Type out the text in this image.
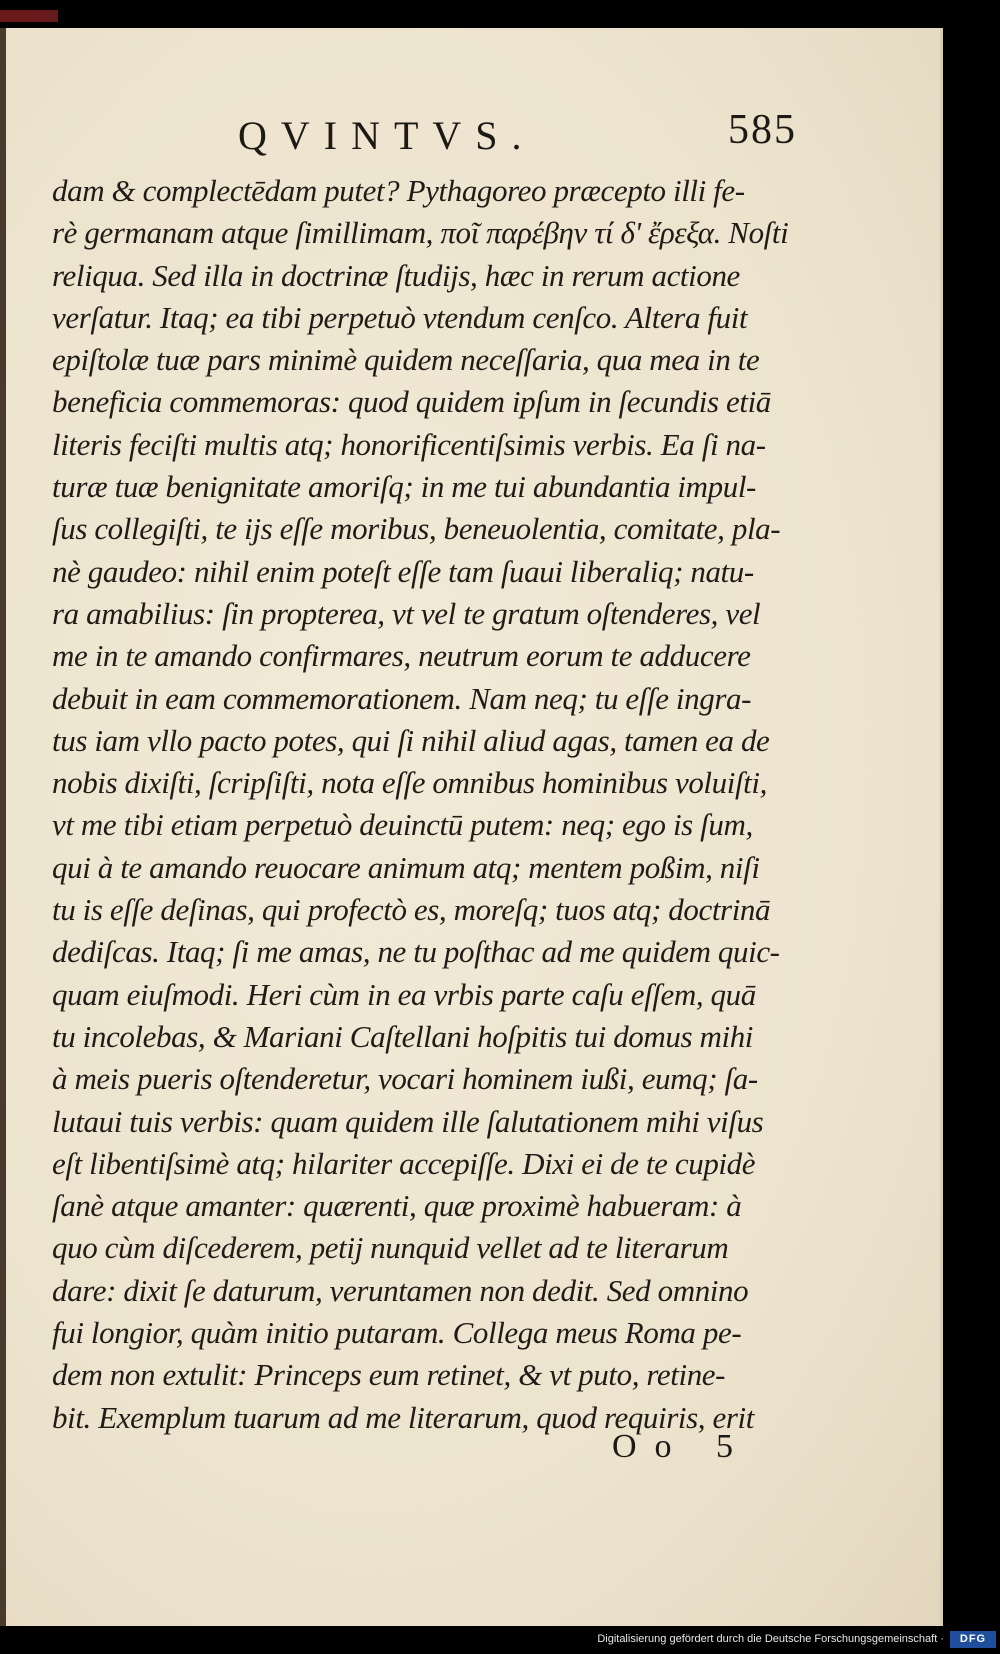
QVINTVS.	585
dam & complectēdam putet? Pythagoreo præcepto illi fe-
rè germanam atque ſimillimam, ποῖ παρέβην τί δ' ἔρεξα. Noſti
reliqua. Sed illa in doctrinæ ſtudijs, hæc in rerum actione
verſatur. Itaq; ea tibi perpetuò vtendum cenſco. Altera fuit
epiſtolæ tuæ pars minimè quidem neceſſaria, qua mea in te
beneficia commemoras: quod quidem ipſum in ſecundis etiā
literis feciſti multis atq; honorificentiſsimis verbis. Ea ſi na-
turæ tuæ benignitate amoriſq; in me tui abundantia impul-
ſus collegiſti, te ijs eſſe moribus, beneuolentia, comitate, pla-
nè gaudeo: nihil enim poteſt eſſe tam ſuaui liberaliq; natu-
ra amabilius: ſin propterea, vt vel te gratum oſtenderes, vel
me in te amando confirmares, neutrum eorum te adducere
debuit in eam commemorationem. Nam neq; tu eſſe ingra-
tus iam vllo pacto potes, qui ſi nihil aliud agas, tamen ea de
nobis dixiſti, ſcripſiſti, nota eſſe omnibus hominibus voluiſti,
vt me tibi etiam perpetuò deuinctū putem: neq; ego is ſum,
qui à te amando reuocare animum atq; mentem poßim, niſi
tu is eſſe deſinas, qui profectò es, moreſq; tuos atq; doctrinā
dediſcas. Itaq; ſi me amas, ne tu poſthac ad me quidem quic-
quam eiuſmodi. Heri cùm in ea vrbis parte caſu eſſem, quā
tu incolebas, & Mariani Caſtellani hoſpitis tui domus mihi
à meis pueris oſtenderetur, vocari hominem iußi, eumq; ſa-
lutaui tuis verbis: quam quidem ille ſalutationem mihi viſus
eſt libentiſsimè atq; hilariter accepiſſe. Dixi ei de te cupidè
ſanè atque amanter: quærenti, quæ proximè habueram: à
quo cùm diſcederem, petij nunquid vellet ad te literarum
dare: dixit ſe daturum, veruntamen non dedit. Sed omnino
fui longior, quàm initio putaram. Collega meus Roma pe-
dem non extulit: Princeps eum retinet, & vt puto, retine-
bit. Exemplum tuarum ad me literarum, quod requiris, erit
Oo 5
Digitalisierung gefördert durch die Deutsche Forschungsgemeinschaft ·	DFG
